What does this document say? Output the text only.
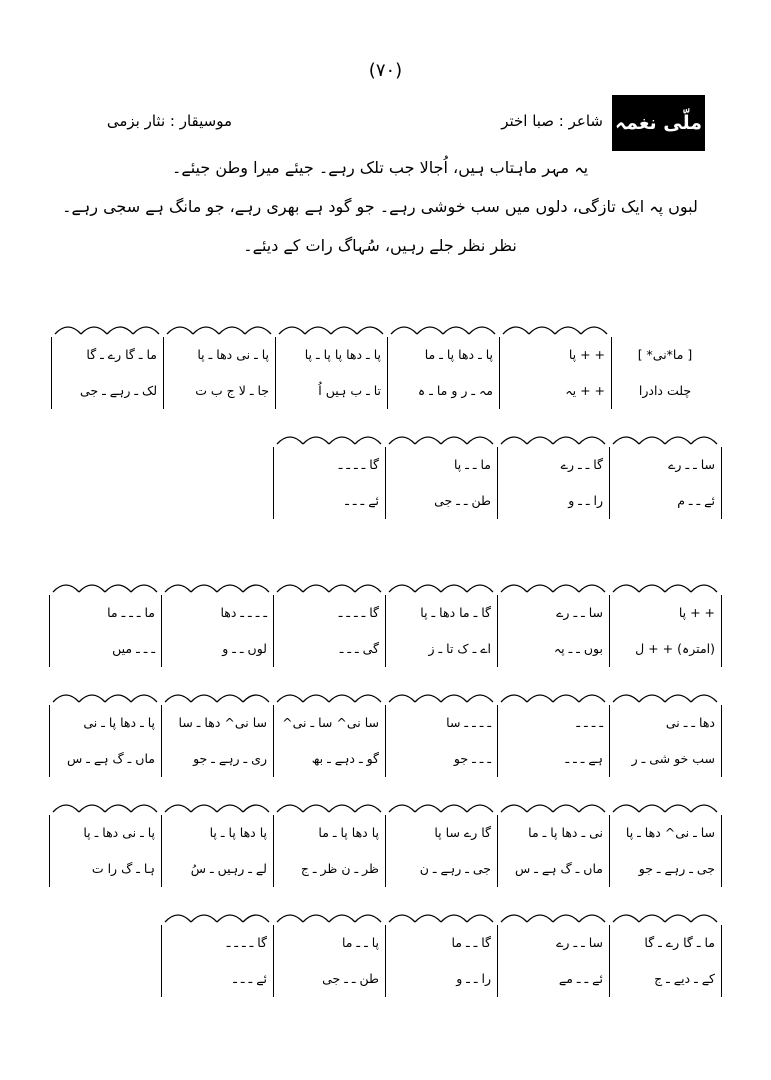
(۷۰)
ملّی نغمہ
شاعر : صبا اختر
موسیقار : نثار بزمی
یہ مہر ماہتاب ہیں، اُجالا جب تلک رہے۔ جیئے میرا وطن جیئے۔
لبوں پہ ایک تازگی، دلوں میں سب خوشی رہے۔ جو گود ہے بھری رہے، جو مانگ ہے سجی رہے۔
نظر نظر جلے رہیں، سُہاگ رات کے دیئے۔
[ ما*نی* ]
چلت دادرا
+ + پا
+ + یہ
پا ـ دھا پا ـ ما
مہ ـ ر و ما ـ ہ
پا ـ دھا پا پا ـ پا
تا ـ ب ہیں اُ
پا ـ نی دھا ـ پا
جا ـ لا ج ب ت
ما ـ گا رے ـ گا
لک ـ رہے ـ جی
سا ـ ـ رے
ئے ـ ـ م
گا ـ ـ رے
را ـ ـ و
ما ـ ـ پا
طن ـ ـ جی
گا ـ ـ ـ ـ
ئے ـ ـ ـ
+ + پا
(امترہ) + + ل
سا ـ ـ رے
بوں ـ ـ پہ
گا ـ ما دھا ـ پا
اے ـ ک تا ـ ز
گا ـ ـ ـ ـ
گی ـ ـ ـ
ـ ـ ـ ـ دھا
لوں ـ ـ و
ما ـ ـ ـ ما
ـ ـ ـ میں
دھا ـ ـ نی
سب خو شی ـ ر
ـ ـ ـ ـ
ہے ـ ـ ـ
ـ ـ ـ ـ سا
ـ ـ ـ جو
سا نی^ سا ـ نی^
گو ـ دہے ـ بھ
سا نی^ دھا ـ سا
ری ـ رہے ـ جو
پا ـ دھا پا ـ نی
ماں ـ گ ہے ـ س
سا ـ نی^ دھا ـ پا
جی ـ رہے ـ جو
نی ـ دھا پا ـ ما
ماں ـ گ ہے ـ س
گا رے سا پا
جی ـ رہے ـ ن
پا دھا پا ـ ما
ظر ـ ن ظر ـ ج
پا دھا پا ـ پا
لے ـ رہیں ـ سُ
پا ـ نی دھا ـ پا
ہا ـ گ را ت
ما ـ گا رے ـ گا
کے ـ دیے ـ ج
سا ـ ـ رے
ئے ـ ـ مے
گا ـ ـ ما
را ـ ـ و
پا ـ ـ ما
طن ـ ـ جی
گا ـ ـ ـ ـ
ئے ـ ـ ـ
